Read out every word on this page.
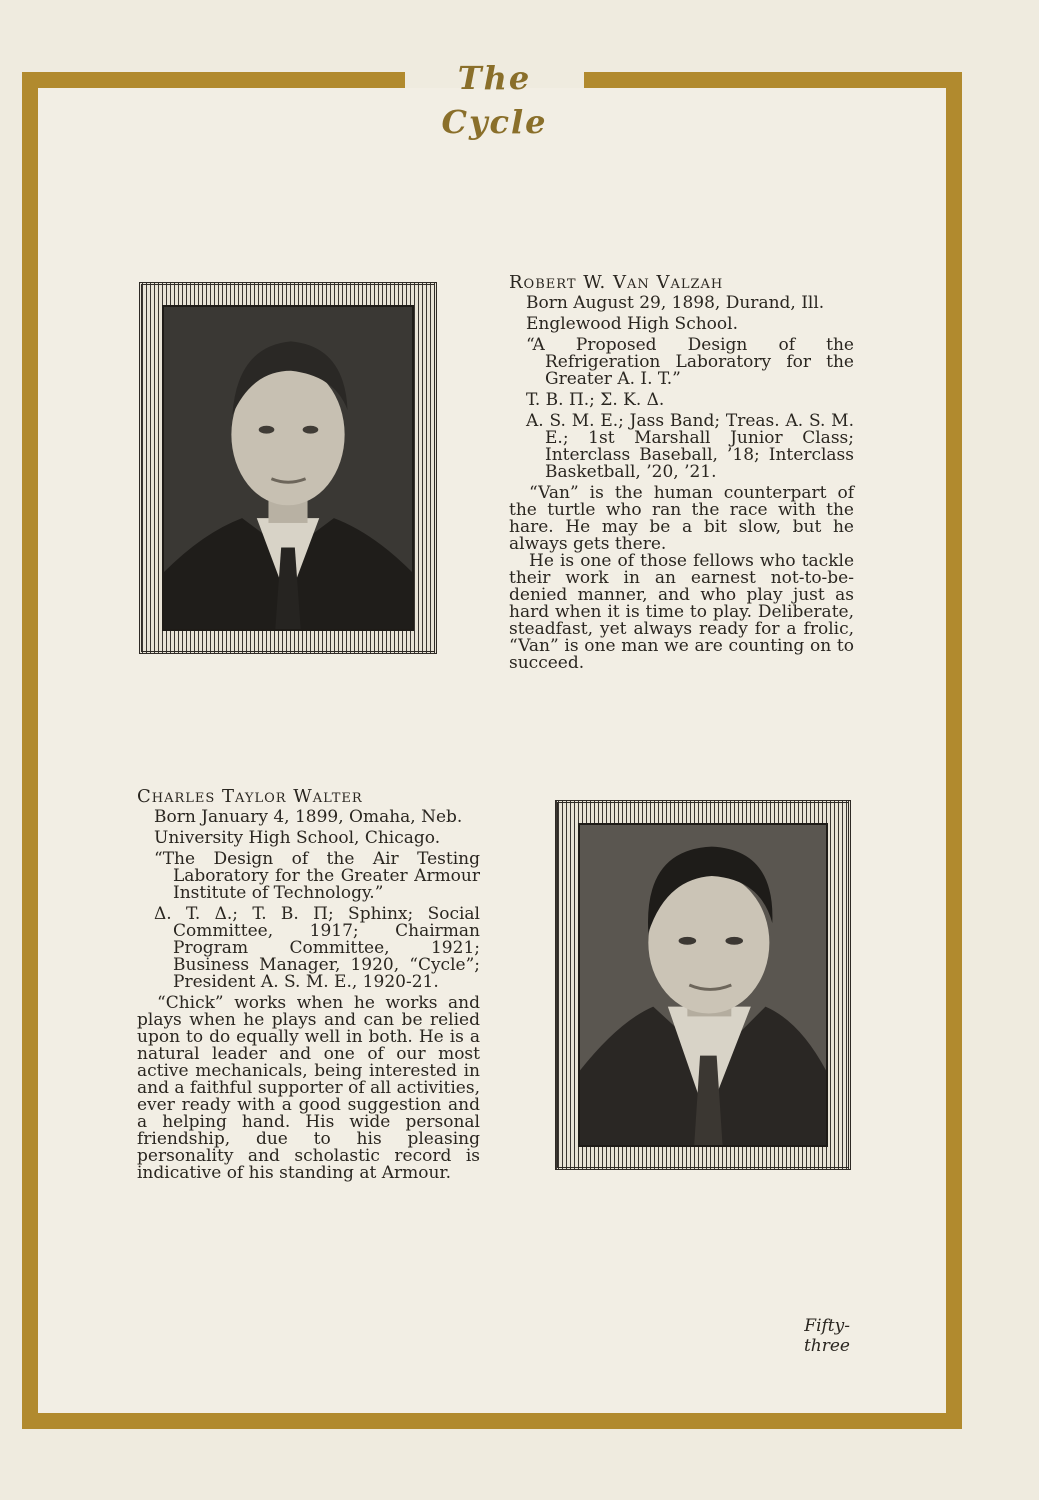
The Cycle
Robert W. Van Valzah
Born August 29, 1898, Durand, Ill.
Englewood High School.
“A Proposed Design of the Refrigeration Laboratory for the Greater A. I. T.”
T. B. Π.; Σ. K. Δ.
A. S. M. E.; Jass Band; Treas. A. S. M. E.; 1st Marshall Junior Class; Interclass Baseball, ’18; Interclass Basketball, ’20, ’21.

“Van” is the human counterpart of the turtle who ran the race with the hare. He may be a bit slow, but he always gets there.

He is one of those fellows who tackle their work in an earnest not-to-be-denied manner, and who play just as hard when it is time to play. Deliberate, steadfast, yet always ready for a frolic, “Van” is one man we are counting on to succeed.

Charles Taylor Walter
Born January 4, 1899, Omaha, Neb.
University High School, Chicago.
“The Design of the Air Testing Laboratory for the Greater Armour Institute of Technology.”
Δ. T. Δ.; T. B. Π; Sphinx; Social Committee, 1917; Chairman Program Committee, 1921; Business Manager, 1920, “Cycle”; President A. S. M. E., 1920-21.

“Chick” works when he works and plays when he plays and can be relied upon to do equally well in both. He is a natural leader and one of our most active mechanicals, being interested in and a faithful supporter of all activities, ever ready with a good suggestion and a helping hand. His wide personal friendship, due to his pleasing personality and scholastic record is indicative of his standing at Armour.

Fifty-three
